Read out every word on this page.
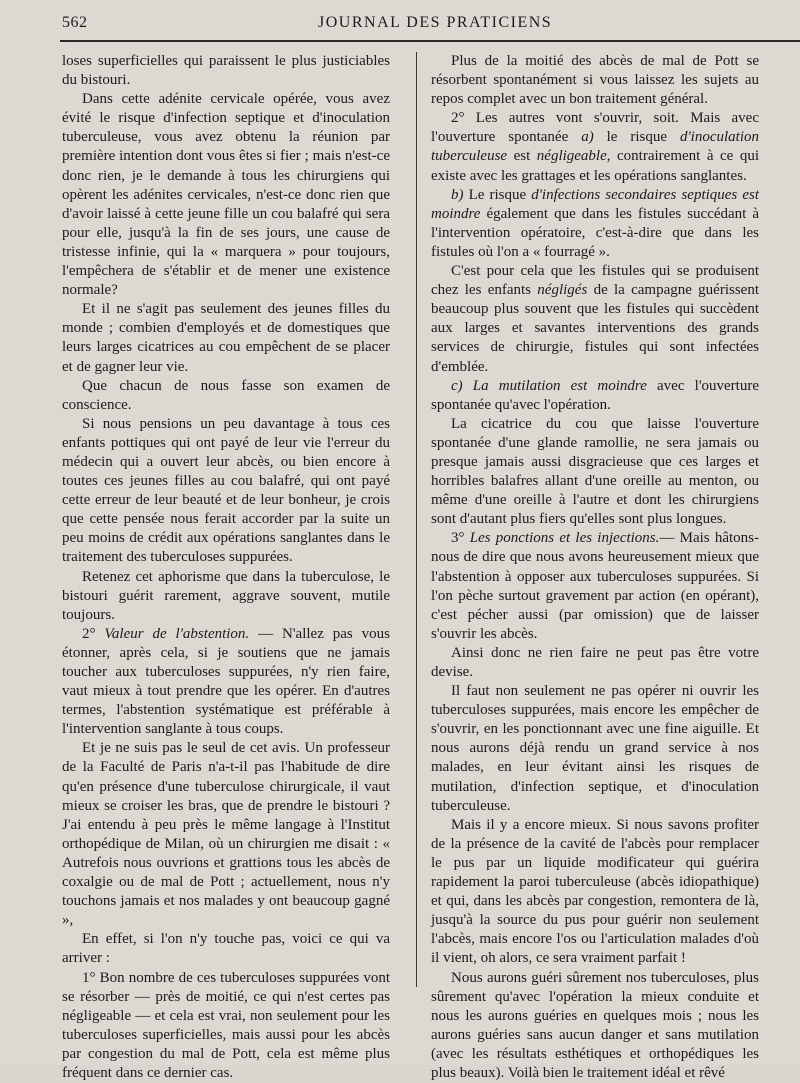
562	JOURNAL DES PRATICIENS

loses superficielles qui paraissent le plus justiciables du bistouri.

Dans cette adénite cervicale opérée, vous avez évité le risque d'infection septique et d'inoculation tuberculeuse, vous avez obtenu la réunion par première intention dont vous êtes si fier ; mais n'est-ce donc rien, je le demande à tous les chirurgiens qui opèrent les adénites cervicales, n'est-ce donc rien que d'avoir laissé à cette jeune fille un cou balafré qui sera pour elle, jusqu'à la fin de ses jours, une cause de tristesse infinie, qui la « marquera » pour toujours, l'empêchera de s'établir et de mener une existence normale?

Et il ne s'agit pas seulement des jeunes filles du monde ; combien d'employés et de domestiques que leurs larges cicatrices au cou empêchent de se placer et de gagner leur vie.

Que chacun de nous fasse son examen de conscience.

Si nous pensions un peu davantage à tous ces enfants pottiques qui ont payé de leur vie l'erreur du médecin qui a ouvert leur abcès, ou bien encore à toutes ces jeunes filles au cou balafré, qui ont payé cette erreur de leur beauté et de leur bonheur, je crois que cette pensée nous ferait accorder par la suite un peu moins de crédit aux opérations sanglantes dans le traitement des tuberculoses suppurées.

Retenez cet aphorisme que dans la tuberculose, le bistouri guérit rarement, aggrave souvent, mutile toujours.

2° Valeur de l'abstention. — N'allez pas vous étonner, après cela, si je soutiens que ne jamais toucher aux tuberculoses suppurées, n'y rien faire, vaut mieux à tout prendre que les opérer. En d'autres termes, l'abstention systématique est préférable à l'intervention sanglante à tous coups.

Et je ne suis pas le seul de cet avis. Un professeur de la Faculté de Paris n'a-t-il pas l'habitude de dire qu'en présence d'une tuberculose chirurgicale, il vaut mieux se croiser les bras, que de prendre le bistouri ? J'ai entendu à peu près le même langage à l'Institut orthopédique de Milan, où un chirurgien me disait : « Autrefois nous ouvrions et grattions tous les abcès de coxalgie ou de mal de Pott ; actuellement, nous n'y touchons jamais et nos malades y ont beaucoup gagné »,

En effet, si l'on n'y touche pas, voici ce qui va arriver :

1° Bon nombre de ces tuberculoses suppurées vont se résorber — près de moitié, ce qui n'est certes pas négligeable — et cela est vrai, non seulement pour les tuberculoses superficielles, mais aussi pour les abcès par congestion du mal de Pott, cela est même plus fréquent dans ce dernier cas.

Plus de la moitié des abcès de mal de Pott se résorbent spontanément si vous laissez les sujets au repos complet avec un bon traitement général.

2° Les autres vont s'ouvrir, soit. Mais avec l'ouverture spontanée a) le risque d'inoculation tuberculeuse est négligeable, contrairement à ce qui existe avec les grattages et les opérations sanglantes.

b) Le risque d'infections secondaires septiques est moindre également que dans les fistules succédant à l'intervention opératoire, c'est-à-dire que dans les fistules où l'on a « fourragé ».

C'est pour cela que les fistules qui se produisent chez les enfants négligés de la campagne guérissent beaucoup plus souvent que les fistules qui succèdent aux larges et savantes interventions des grands services de chirurgie, fistules qui sont infectées d'emblée.

c) La mutilation est moindre avec l'ouverture spontanée qu'avec l'opération.

La cicatrice du cou que laisse l'ouverture spontanée d'une glande ramollie, ne sera jamais ou presque jamais aussi disgracieuse que ces larges et horribles balafres allant d'une oreille au menton, ou même d'une oreille à l'autre et dont les chirurgiens sont d'autant plus fiers qu'elles sont plus longues.

3° Les ponctions et les injections.— Mais hâtons-nous de dire que nous avons heureusement mieux que l'abstention à opposer aux tuberculoses suppurées. Si l'on pèche surtout gravement par action (en opérant), c'est pécher aussi (par omission) que de laisser s'ouvrir les abcès.

Ainsi donc ne rien faire ne peut pas être votre devise.

Il faut non seulement ne pas opérer ni ouvrir les tuberculoses suppurées, mais encore les empêcher de s'ouvrir, en les ponctionnant avec une fine aiguille. Et nous aurons déjà rendu un grand service à nos malades, en leur évitant ainsi les risques de mutilation, d'infection septique, et d'inoculation tuberculeuse.

Mais il y a encore mieux. Si nous savons profiter de la présence de la cavité de l'abcès pour remplacer le pus par un liquide modificateur qui guérira rapidement la paroi tuberculeuse (abcès idiopathique) et qui, dans les abcès par congestion, remontera de là, jusqu'à la source du pus pour guérir non seulement l'abcès, mais encore l'os ou l'articulation malades d'où il vient, oh alors, ce sera vraiment parfait !

Nous aurons guéri sûrement nos tuberculoses, plus sûrement qu'avec l'opération la mieux conduite et nous les aurons guéries en quelques mois ; nous les aurons guéries sans aucun danger et sans mutilation (avec les résultats esthétiques et orthopédiques les plus beaux). Voilà bien le traitement idéal et rêvé
